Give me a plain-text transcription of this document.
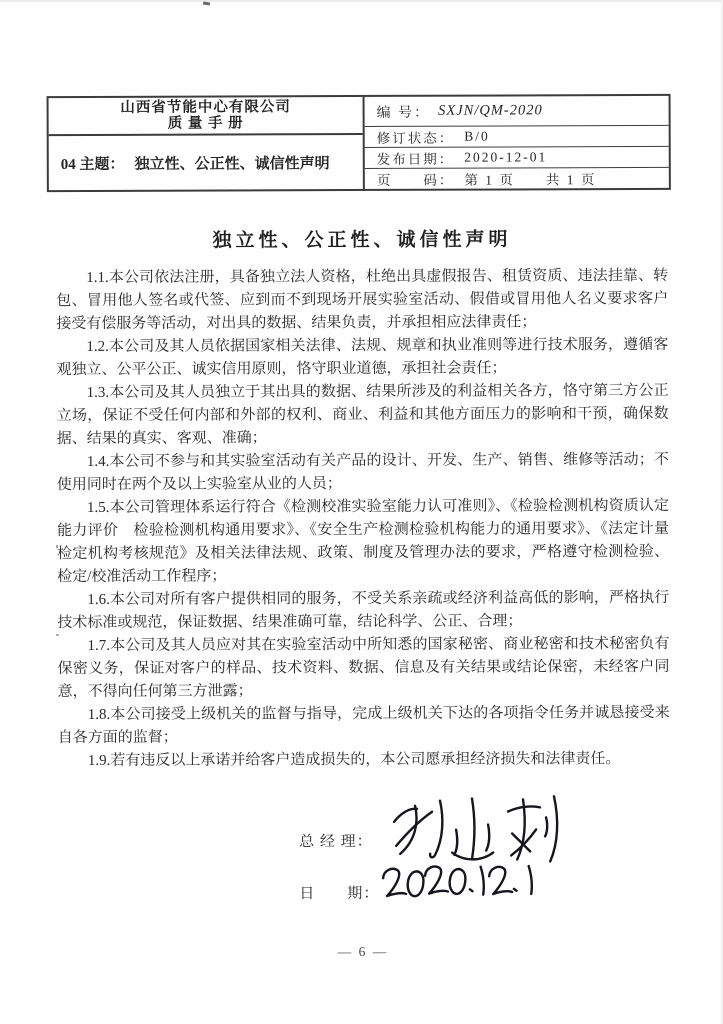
山西省节能中心有限公司
质 量 手 册
04 主题： 独立性、公正性、诚信性声明
编 号： SXJN/QM-2020
修订状态： B/0
发布日期： 2020-12-01
页　　码： 第 1 页　　共 1 页
独立性、公正性、诚信性声明

1.1.本公司依法注册，具备独立法人资格，杜绝出具虚假报告、租赁资质、违法挂靠、转包、冒用他人签名或代签、应到而不到现场开展实验室活动、假借或冒用他人名义要求客户接受有偿服务等活动，对出具的数据、结果负责，并承担相应法律责任；

1.2.本公司及其人员依据国家相关法律、法规、规章和执业准则等进行技术服务，遵循客观独立、公平公正、诚实信用原则，恪守职业道德，承担社会责任；

1.3.本公司及其人员独立于其出具的数据、结果所涉及的利益相关各方，恪守第三方公正立场，保证不受任何内部和外部的权利、商业、利益和其他方面压力的影响和干预，确保数据、结果的真实、客观、准确；

1.4.本公司不参与和其实验室活动有关产品的设计、开发、生产、销售、维修等活动；不使用同时在两个及以上实验室从业的人员；

1.5.本公司管理体系运行符合《检测校准实验室能力认可准则》、《检验检测机构资质认定能力评价　检验检测机构通用要求》、《安全生产检测检验机构能力的通用要求》、《法定计量检定机构考核规范》及相关法律法规、政策、制度及管理办法的要求，严格遵守检测检验、检定/校准活动工作程序；

1.6.本公司对所有客户提供相同的服务，不受关系亲疏或经济利益高低的影响，严格执行技术标准或规范，保证数据、结果准确可靠，结论科学、公正、合理；

1.7.本公司及其人员应对其在实验室活动中所知悉的国家秘密、商业秘密和技术秘密负有保密义务，保证对客户的样品、技术资料、数据、信息及有关结果或结论保密，未经客户同意，不得向任何第三方泄露；

1.8.本公司接受上级机关的监督与指导，完成上级机关下达的各项指令任务并诚恳接受来自各方面的监督；

1.9.若有违反以上承诺并给客户造成损失的，本公司愿承担经济损失和法律责任。

总 经 理：
日　　期：
— 6 —
